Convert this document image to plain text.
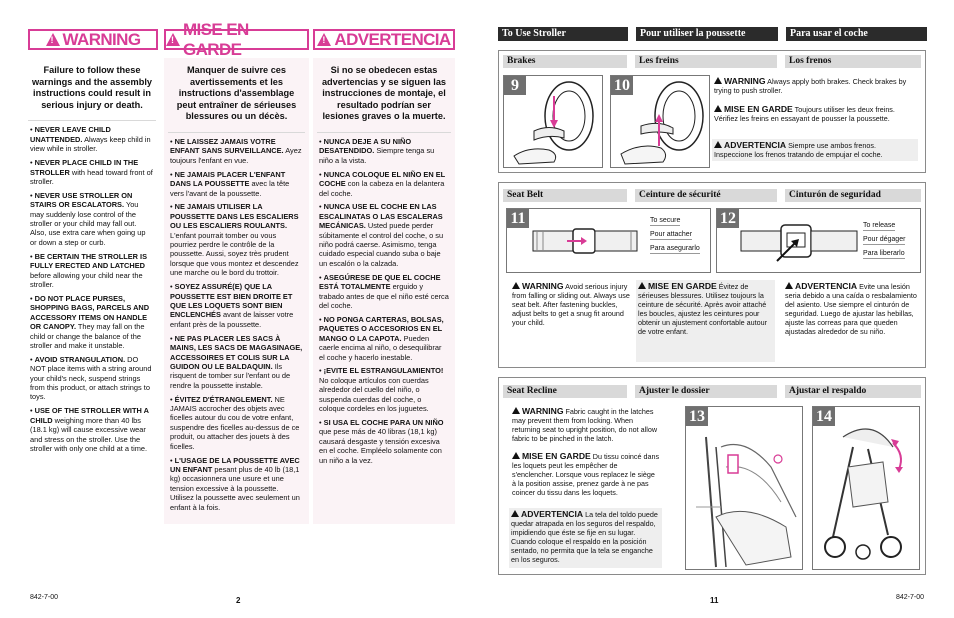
!
WARNING
!
MISE EN GARDE
!
ADVERTENCIA
Failure to follow these warnings and the assembly instructions could result in serious injury or death.
• NEVER LEAVE CHILD UNATTENDED. Always keep child in view while in stroller.
• NEVER PLACE CHILD IN THE STROLLER with head toward front of stroller.
• NEVER USE STROLLER ON STAIRS OR ESCALATORS. You may suddenly lose control of the stroller or your child may fall out. Also, use extra care when going up or down a step or curb.
• BE CERTAIN THE STROLLER IS FULLY ERECTED AND LATCHED before allowing your child near the stroller.
• DO NOT PLACE PURSES, SHOPPING BAGS, PARCELS AND ACCESSORY ITEMS ON HANDLE OR CANOPY. They may fall on the child or change the balance of the stroller and make it unstable.
• AVOID STRANGULATION. DO NOT place items with a string around your child's neck, suspend strings from this product, or attach strings to toys.
• USE OF THE STROLLER WITH A CHILD weighing more than 40 lbs (18.1 kg) will cause excessive wear and stress on the stroller. Use the stroller with only one child at a time.
Manquer de suivre ces avertissements et les instructions d'assemblage peut entraîner de sérieuses blessures ou un décès.
• NE LAISSEZ JAMAIS VOTRE ENFANT SANS SURVEILLANCE. Ayez toujours l'enfant en vue.
• NE JAMAIS PLACER L'ENFANT DANS LA POUSSETTE avec la tête vers l'avant de la poussette.
• NE JAMAIS UTILISER LA POUSSETTE DANS LES ESCALIERS OU LES ESCALIERS ROULANTS. L'enfant pourrait tomber ou vous pourriez perdre le contrôle de la poussette. Aussi, soyez très prudent lorsque que vous montez et descendez une marche ou le bord du trottoir.
• SOYEZ ASSURÉ(E) QUE LA POUSSETTE EST BIEN DROITE ET QUE LES LOQUETS SONT BIEN ENCLENCHÉS avant de laisser votre enfant près de la poussette.
• NE PAS PLACER LES SACS À MAINS, LES SACS DE MAGASINAGE, ACCESSOIRES ET COLIS SUR LA GUIDON OU LE BALDAQUIN. Ils risquent de tomber sur l'enfant ou de rendre la poussette instable.
• ÉVITEZ D'ÉTRANGLEMENT. NE JAMAIS accrocher des objets avec ficelles autour du cou de votre enfant, suspendre des ficelles au-dessus de ce produit, ou attacher des jouets à des ficelles.
• L'USAGE DE LA POUSSETTE AVEC UN ENFANT pesant plus de 40 lb (18,1 kg) occasionnera une usure et une tension excessive à la poussette. Utilisez la poussette avec seulement un enfant à la fois.
Si no se obedecen estas advertencias y se siguen las instrucciones de montaje, el resultado podrían ser lesiones graves o la muerte.
• NUNCA DEJE A SU NIÑO DESATENDIDO. Siempre tenga su niño a la vista.
• NUNCA COLOQUE EL NIÑO EN EL COCHE con la cabeza en la delantera del coche.
• NUNCA USE EL COCHE EN LAS ESCALINATAS O LAS ESCALERAS MECÁNICAS. Usted puede perder súbitamente el control del coche, o su niño podrá caerse. Asimismo, tenga cuidado especial cuando suba o baje un escalón o la calzada.
• ASEGÚRESE DE QUE EL COCHE ESTÁ TOTALMENTE erguido y trabado antes de que el niño esté cerca del coche.
• NO PONGA CARTERAS, BOLSAS, PAQUETES O ACCESORIOS EN EL MANGO O LA CAPOTA. Pueden caerle encima al niño, o desequilibrar el coche y hacerlo inestable.
• ¡EVITE EL ESTRANGULAMIENTO! No coloque artículos con cuerdas alrededor del cuello del niño, o suspenda cuerdas del coche, o coloque cordeles en los juguetes.
• SI USA EL COCHE PARA UN NIÑO que pese más de 40 libras (18,1 kg) causará desgaste y tensión excesiva en el coche. Empléelo solamente con un niño a la vez.
842-7-00	2
To Use Stroller	Pour utiliser la poussette	Para usar el coche
Brakes	Les freins	Los frenos
9	10	WARNING Always apply both brakes. Check brakes by trying to push stroller.
MISE EN GARDE Toujours utiliser les deux freins. Vérifiez les freins en essayant de pousser la poussette.
ADVERTENCIA Siempre use ambos frenos. Inspeccione los frenos tratando de empujar el coche.
Seat Belt	Ceinture de sécurité	Cinturón de seguridad
11	To secure
Pour attacher
Para asegurarlo
12	To release
Pour dégager
Para liberarlo
WARNING Avoid serious injury from falling or sliding out. Always use seat belt. After fastening buckles, adjust belts to get a snug fit around your child.
MISE EN GARDE Évitez de sérieuses blessures. Utilisez toujours la ceinture de sécurité. Après avoir attaché les boucles, ajustez les ceintures pour obtenir un ajustement confortable autour de votre enfant.
ADVERTENCIA Evite una lesión seria debido a una caída o resbalamiento del asiento. Use siempre el cinturón de seguridad. Luego de ajustar las hebillas, ajuste las correas para que queden ajustadas alrededor de su niño.
Seat Recline	Ajuster le dossier	Ajustar el respaldo
WARNING Fabric caught in the latches may prevent them from locking. When returning seat to upright position, do not allow fabric to be pinched in the latch.
MISE EN GARDE Du tissu coincé dans les loquets peut les empêcher de s'enclencher. Lorsque vous replacez le siège à la position assise, prenez garde à ne pas coincer du tissu dans les loquets.
ADVERTENCIA La tela del toldo puede quedar atrapada en los seguros del respaldo, impidiendo que éste se fije en su lugar. Cuando coloque el respaldo en la posición sentado, no permita que la tela se enganche en los seguros.
13	14
11	842-7-00
